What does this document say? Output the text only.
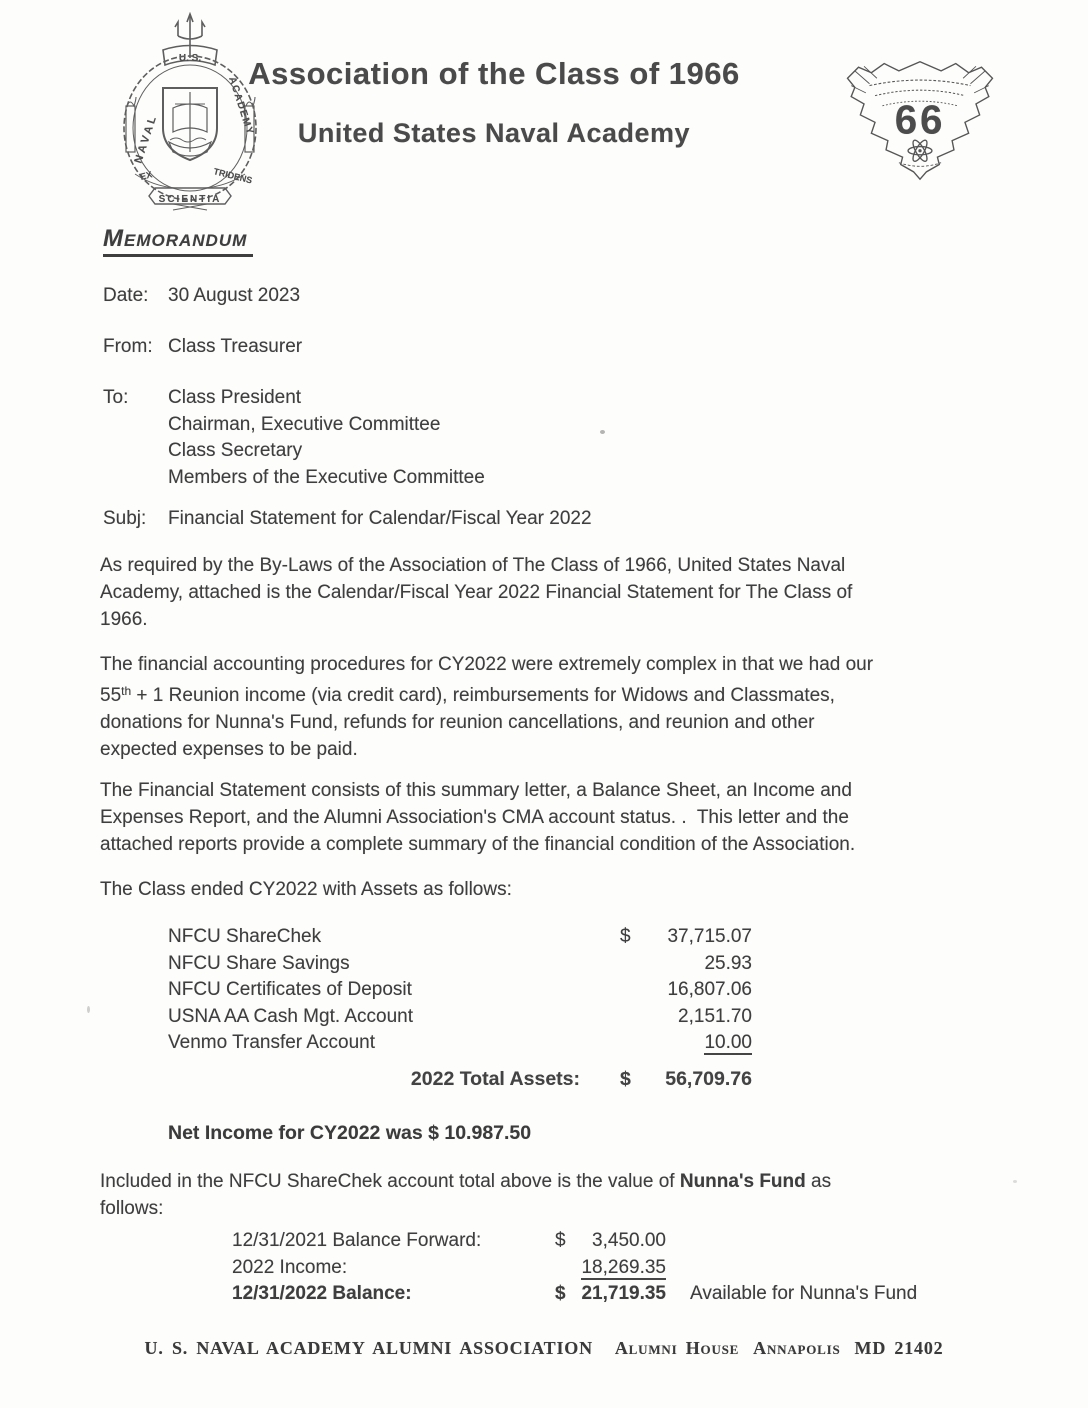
U. S.
NAVAL
ACADEMY
EX	TRIDENS
SCIENTIA
Association of the Class of 1966
United States Naval Academy	66
Memorandum
Date:	30 August 2023
From: Class Treasurer
To:	Class President
Chairman, Executive Committee
Class Secretary
Members of the Executive Committee
Subj:	Financial Statement for Calendar/Fiscal Year 2022
As required by the By-Laws of the Association of The Class of 1966, United States Naval
Academy, attached is the Calendar/Fiscal Year 2022 Financial Statement for The Class of
1966.
The financial accounting procedures for CY2022 were extremely complex in that we had our
55th + 1 Reunion income (via credit card), reimbursements for Widows and Classmates,
donations for Nunna's Fund, refunds for reunion cancellations, and reunion and other
expected expenses to be paid.
The Financial Statement consists of this summary letter, a Balance Sheet, an Income and
Expenses Report, and the Alumni Association's CMA account status. .  This letter and the
attached reports provide a complete summary of the financial condition of the Association.
The Class ended CY2022 with Assets as follows:
NFCU ShareChek	$	37,715.07
NFCU Share Savings	25.93
NFCU Certificates of Deposit	16,807.06
USNA AA Cash Mgt. Account	2,151.70
Venmo Transfer Account	10.00
2022 Total Assets:	$	56,709.76
Net Income for CY2022 was $ 10.987.50
Included in the NFCU ShareChek account total above is the value of Nunna's Fund as
follows:
12/31/2021 Balance Forward:	$	3,450.00
2022 Income:	18,269.35
12/31/2022 Balance:	$ 21,719.35 Available for Nunna's Fund
U. S. NAVAL ACADEMY ALUMNI ASSOCIATION Alumni House Annapolis MD 21402
